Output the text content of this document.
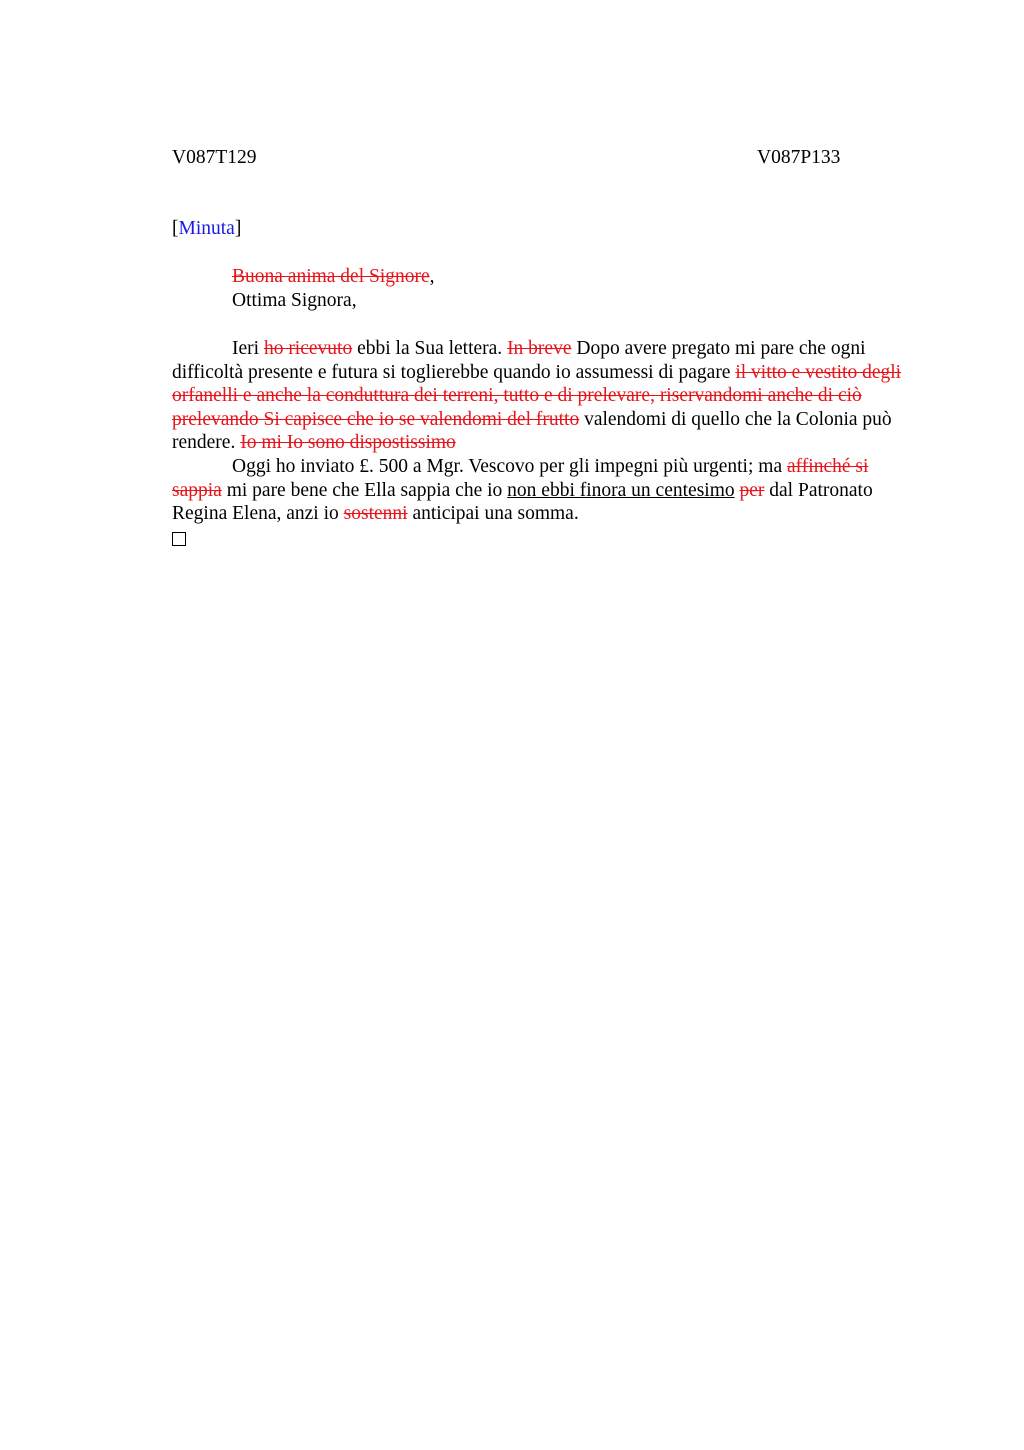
V087T129	V087P133
[Minuta]
Buona anima del Signore,
Ottima Signora,

Ieri ho ricevuto ebbi la Sua lettera. In breve Dopo avere pregato mi pare che ogni difficoltà presente e futura si toglierebbe quando io assumessi di pagare il vitto e vestito degli orfanelli e anche la conduttura dei terreni, tutto e di prelevare, riservandomi anche di ciò prelevando Si capisce che io se valendomi del frutto valendomi di quello che la Colonia può rendere. Io mi Io sono dispostissimo

Oggi ho inviato £. 500 a Mgr. Vescovo per gli impegni più urgenti; ma affinché si sappia mi pare bene che Ella sappia che io non ebbi finora un centesimo per dal Patronato Regina Elena, anzi io sostenni anticipai una somma.
